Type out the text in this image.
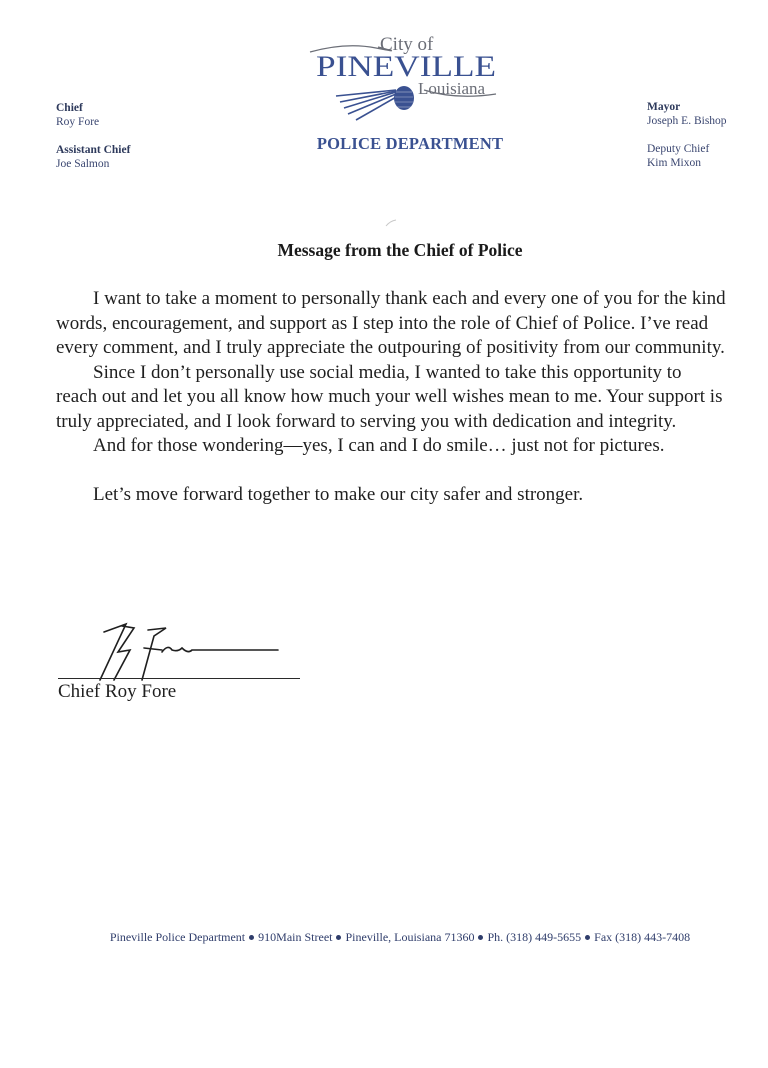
Chief
Roy Fore
Assistant Chief
Joe Salmon
Mayor
Joseph E. Bishop
Deputy Chief
Kim Mixon
City of
PINEVILLE
Louisiana
POLICE DEPARTMENT
Message from the Chief of Police

I want to take a moment to personally thank each and every one of you for the kind words, encouragement, and support as I step into the role of Chief of Police. I’ve read every comment, and I truly appreciate the outpouring of positivity from our community.

Since I don’t personally use social media, I wanted to take this opportunity to reach out and let you all know how much your well wishes mean to me. Your support is truly appreciated, and I look forward to serving you with dedication and integrity.

And for those wondering—yes, I can and I do smile… just not for pictures.

Let’s move forward together to make our city safer and stronger.

Chief Roy Fore
Pineville Police Department 910Main Street Pineville, Louisiana 71360 Ph. (318) 449-5655 Fax (318) 443-7408
